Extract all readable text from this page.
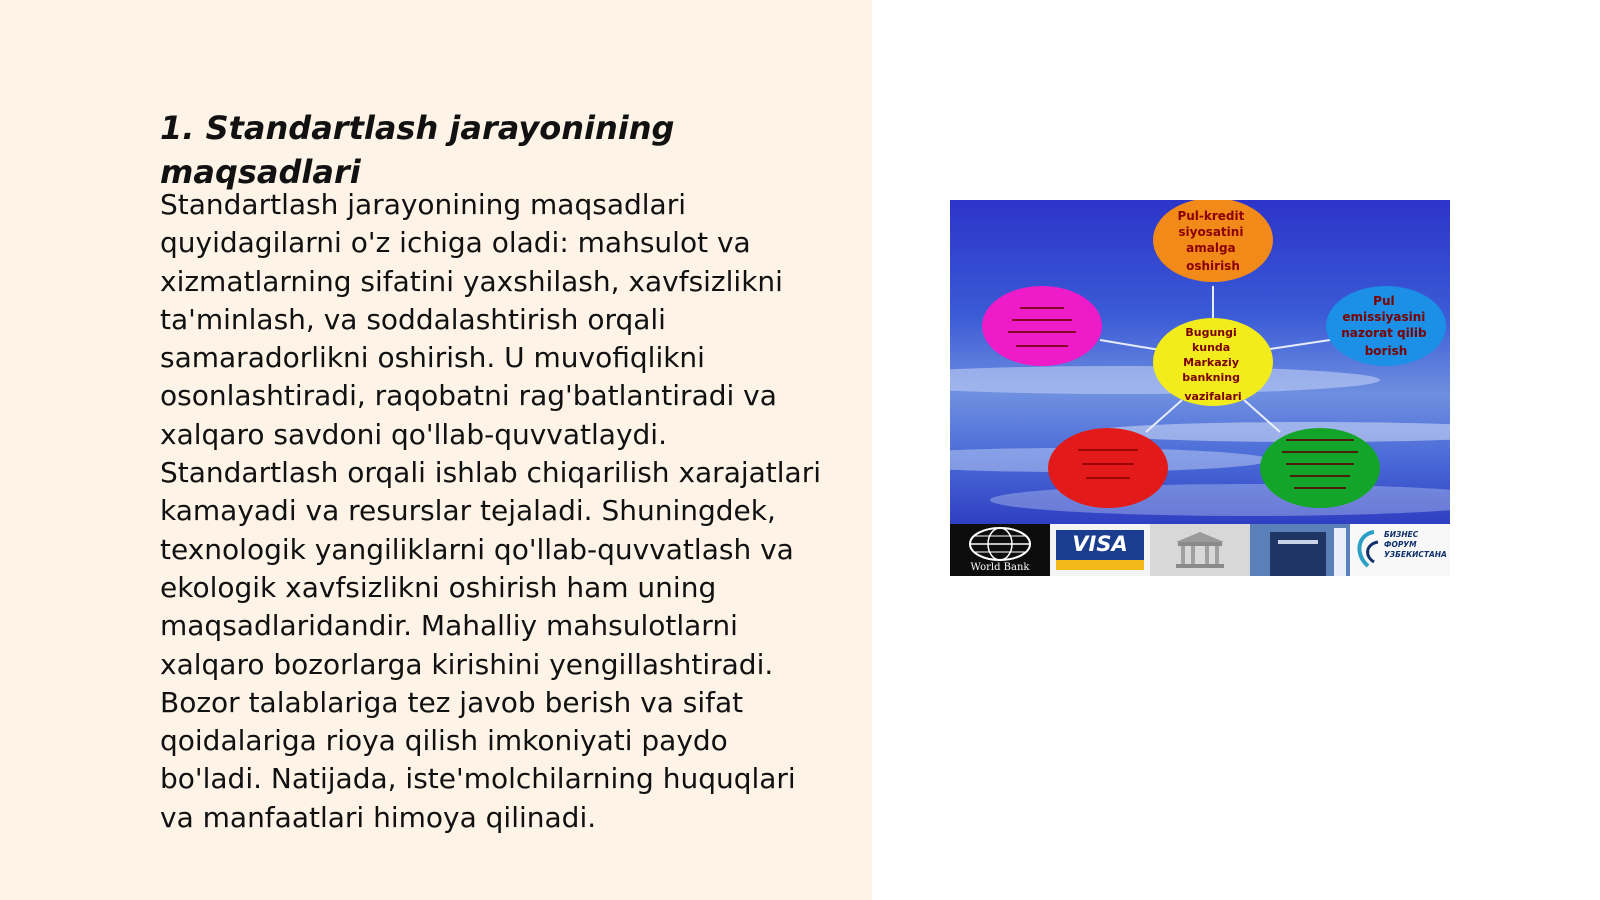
1. Standartlash jarayonining maqsadlari

Standartlash jarayonining maqsadlari quyidagilarni o'z ichiga oladi: mahsulot va xizmatlarning sifatini yaxshilash, xavfsizlikni ta'minlash, va soddalashtirish orqali samaradorlikni oshirish. U muvofiqlikni osonlashtiradi, raqobatni rag'batlantiradi va xalqaro savdoni qo'llab-quvvatlaydi. Standartlash orqali ishlab chiqarilish xarajatlari kamayadi va resurslar tejaladi. Shuningdek, texnologik yangiliklarni qo'llab-quvvatlash va ekologik xavfsizlikni oshirish ham uning maqsadlaridandir. Mahalliy mahsulotlarni xalqaro bozorlarga kirishini yengillashtiradi. Bozor talablariga tez javob berish va sifat qoidalariga rioya qilish imkoniyati paydo bo'ladi. Natijada, iste'molchilarning huquqlari va manfaatlari himoya qilinadi.

Pul-kredit siyosatini amalga oshirish
Pul emissiyasini nazorat qilib borish
Bugungi kunda Markaziy bankning vazifalari
World Bank
VISA	БИЗНЕС ФОРУМ УЗБЕКИСТАНА
